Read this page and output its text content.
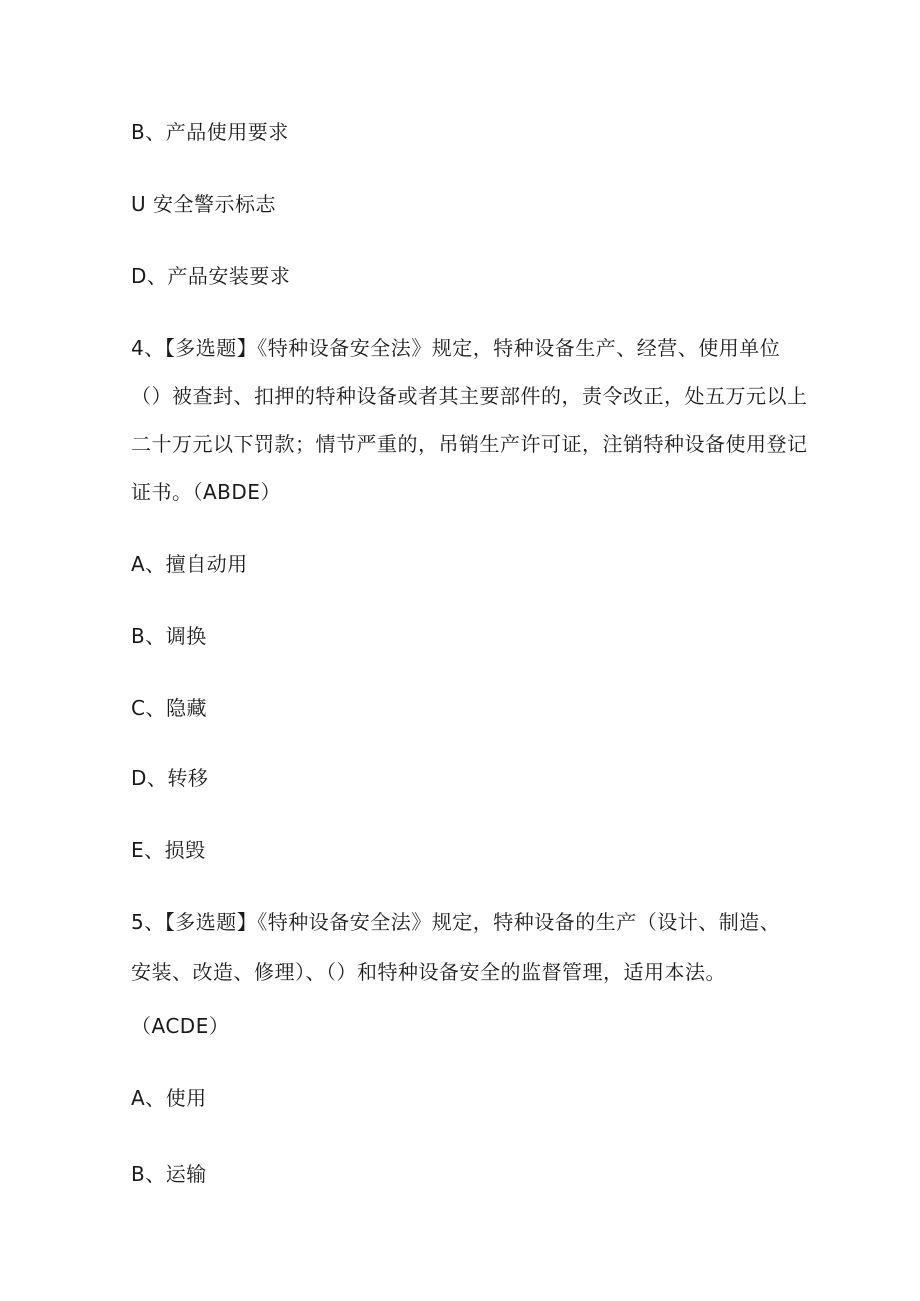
B、产品使用要求
U 安全警示标志
D、产品安装要求
4、【多选题】《特种设备安全法》规定，特种设备生产、经营、使用单位
（）被查封、扣押的特种设备或者其主要部件的，责令改正，处五万元以上
二十万元以下罚款；情节严重的，吊销生产许可证，注销特种设备使用登记
证书。（ABDE）
A、擅自动用
B、调换
C、隐藏
D、转移
E、损毁
5、【多选题】《特种设备安全法》规定，特种设备的生产（设计、制造、
安装、改造、修理）、（）和特种设备安全的监督管理，适用本法。
（ACDE）
A、使用
B、运输
